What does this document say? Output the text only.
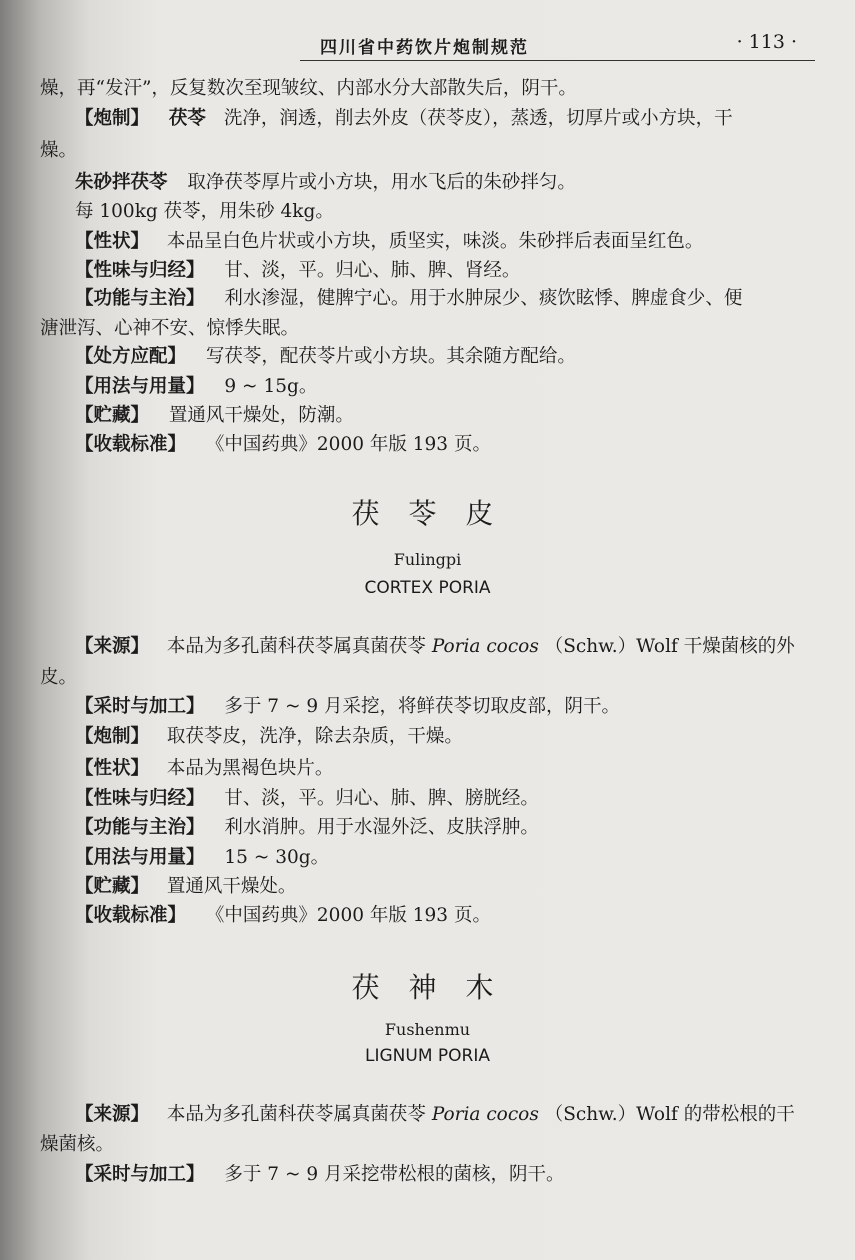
四川省中药饮片炮制规范	· 113 ·
燥，再“发汗”，反复数次至现皱纹、内部水分大部散失后，阴干。
【炮制】 茯苓 洗净，润透，削去外皮（茯苓皮），蒸透，切厚片或小方块，干
燥。
朱砂拌茯苓 取净茯苓厚片或小方块，用水飞后的朱砂拌匀。
每 100kg 茯苓，用朱砂 4kg。
【性状】 本品呈白色片状或小方块，质坚实，味淡。朱砂拌后表面呈红色。
【性味与归经】 甘、淡，平。归心、肺、脾、肾经。
【功能与主治】 利水渗湿，健脾宁心。用于水肿尿少、痰饮眩悸、脾虚食少、便
溏泄泻、心神不安、惊悸失眠。
【处方应配】 写茯苓，配茯苓片或小方块。其余随方配给。
【用法与用量】 9 ~ 15g。
【贮藏】 置通风干燥处，防潮。
【收载标准】 《中国药典》2000 年版 193 页。
茯 苓 皮
Fulingpi
CORTEX PORIA
【来源】 本品为多孔菌科茯苓属真菌茯苓 Poria cocos （Schw.）Wolf 干燥菌核的外
皮。
【采时与加工】 多于 7 ~ 9 月采挖，将鲜茯苓切取皮部，阴干。
【炮制】 取茯苓皮，洗净，除去杂质，干燥。
【性状】 本品为黑褐色块片。
【性味与归经】 甘、淡，平。归心、肺、脾、膀胱经。
【功能与主治】 利水消肿。用于水湿外泛、皮肤浮肿。
【用法与用量】 15 ~ 30g。
【贮藏】 置通风干燥处。
【收载标准】 《中国药典》2000 年版 193 页。
茯 神 木
Fushenmu
LIGNUM PORIA
【来源】 本品为多孔菌科茯苓属真菌茯苓 Poria cocos （Schw.）Wolf 的带松根的干
燥菌核。
【采时与加工】 多于 7 ~ 9 月采挖带松根的菌核，阴干。
